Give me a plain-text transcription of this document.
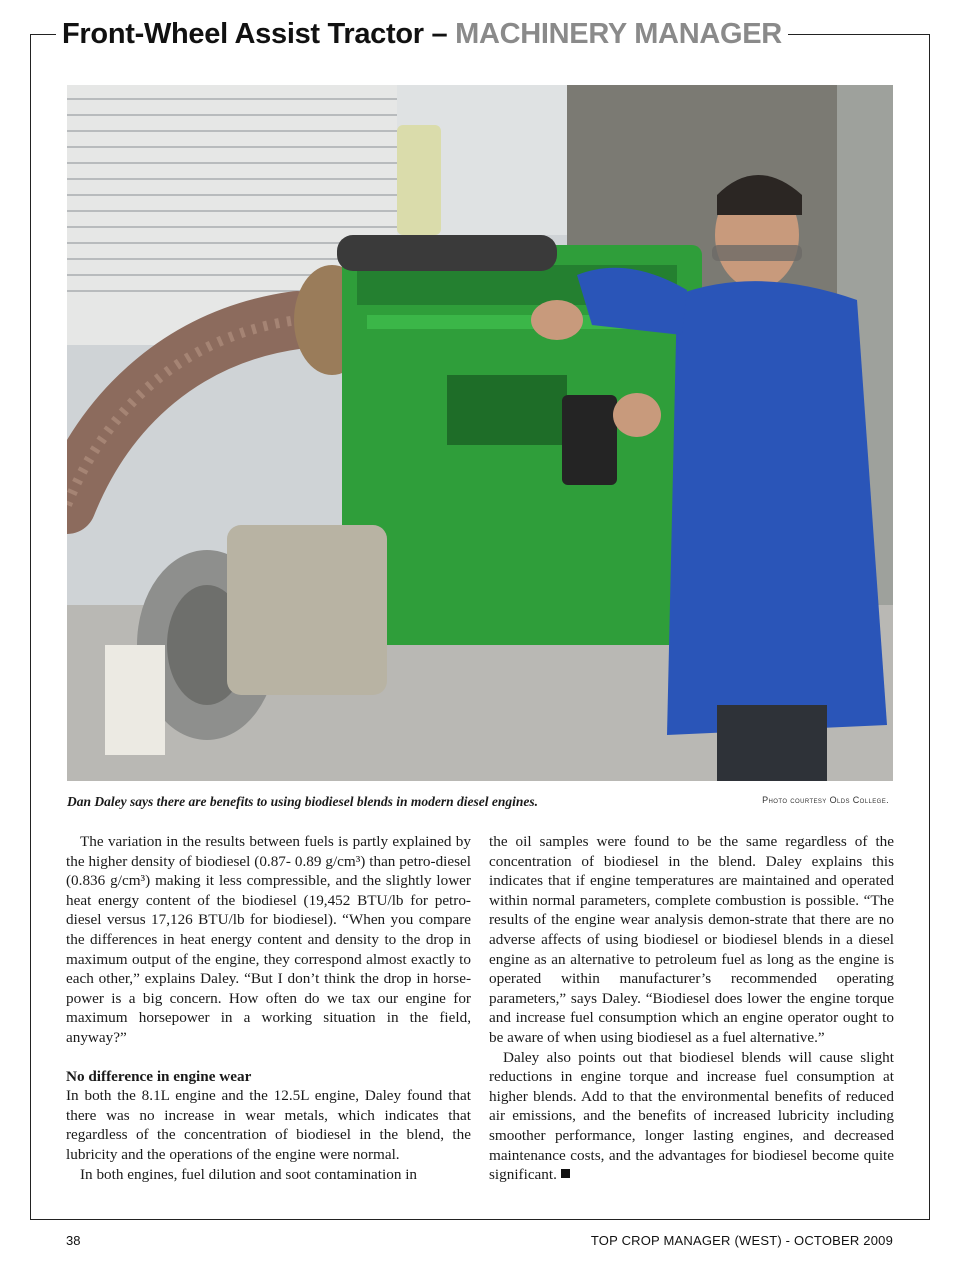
Front-Wheel Assist Tractor – MACHINERY MANAGER
Dan Daley says there are benefits to using biodiesel blends in modern diesel engines.	Photo courtesy Olds College.

The variation in the results between fuels is partly explained by the higher density of biodiesel (0.87- 0.89 g/cm³) than petro-diesel (0.836 g/cm³) making it less compressible, and the slightly lower heat energy content of the biodiesel (19,452 BTU/lb for petro-diesel versus 17,126 BTU/lb for biodiesel). “When you compare the differences in heat energy content and density to the drop in maximum output of the engine, they correspond almost exactly to each other,” explains Daley. “But I don’t think the drop in horse-power is a big concern. How often do we tax our engine for maximum horsepower in a working situation in the field, anyway?”

No difference in engine wear

In both the 8.1L engine and the 12.5L engine, Daley found that there was no increase in wear metals, which indicates that regardless of the concentration of biodiesel in the blend, the lubricity and the operations of the engine were normal.

In both engines, fuel dilution and soot contamination in

the oil samples were found to be the same regardless of the concentration of biodiesel in the blend. Daley explains this indicates that if engine temperatures are maintained and operated within normal parameters, complete combustion is possible. “The results of the engine wear analysis demon-strate that there are no adverse affects of using biodiesel or biodiesel blends in a diesel engine as an alternative to petroleum fuel as long as the engine is operated within manufacturer’s recommended operating parameters,” says Daley. “Biodiesel does lower the engine torque and increase fuel consumption which an engine operator ought to be aware of when using biodiesel as a fuel alternative.”

Daley also points out that biodiesel blends will cause slight reductions in engine torque and increase fuel consumption at higher blends. Add to that the environmental benefits of reduced air emissions, and the benefits of increased lubricity including smoother performance, longer lasting engines, and decreased maintenance costs, and the advantages for biodiesel become quite significant.

38	TOP CROP MANAGER (WEST) - OCTOBER 2009
